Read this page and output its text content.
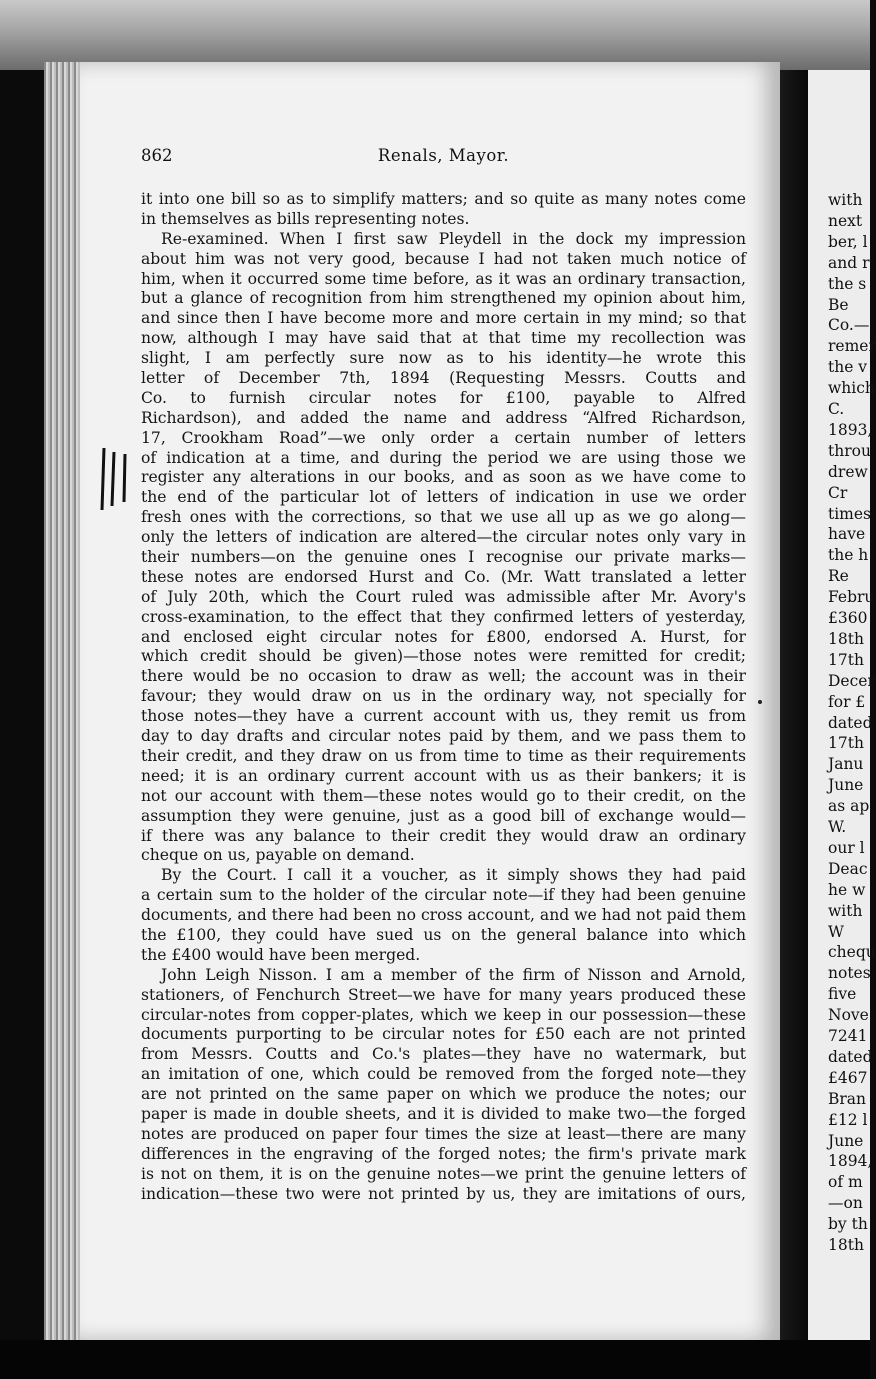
with
next
ber, l
and r
the s
Be
Co.—
remer
the v
which
C.
1893,
throu
drew
Cr
times
have
the h
Re
Febru
£360
18th
17th
Decer
for £
dated
17th
Janu
June
as ap
W.
our l
Deac
he w
with
W
chequ
notes
five
Nove
7241
dated
£467
Bran
£12 l
June
1894,
of m
—on
by th
18th
862	Renals, Mayor.
it into one bill so as to simplify matters; and so quite as many notes come
in themselves as bills representing notes.
Re-examined. When I first saw Pleydell in the dock my impression
about him was not very good, because I had not taken much notice of
him, when it occurred some time before, as it was an ordinary transaction,
but a glance of recognition from him strengthened my opinion about him,
and since then I have become more and more certain in my mind; so that
now, although I may have said that at that time my recollection was
slight, I am perfectly sure now as to his identity—he wrote this
letter of December 7th, 1894 (Requesting Messrs. Coutts and
Co. to furnish circular notes for £100, payable to Alfred
Richardson), and added the name and address “Alfred Richardson,
17, Crookham Road”—we only order a certain number of letters
of indication at a time, and during the period we are using those we
register any alterations in our books, and as soon as we have come to
the end of the particular lot of letters of indication in use we order
fresh ones with the corrections, so that we use all up as we go along—
only the letters of indication are altered—the circular notes only vary in
their numbers—on the genuine ones I recognise our private marks—
these notes are endorsed Hurst and Co. (Mr. Watt translated a letter
of July 20th, which the Court ruled was admissible after Mr. Avory's
cross-examination, to the effect that they confirmed letters of yesterday,
and enclosed eight circular notes for £800, endorsed A. Hurst, for
which credit should be given)—those notes were remitted for credit;
there would be no occasion to draw as well; the account was in their
favour; they would draw on us in the ordinary way, not specially for
those notes—they have a current account with us, they remit us from
day to day drafts and circular notes paid by them, and we pass them to
their credit, and they draw on us from time to time as their requirements
need; it is an ordinary current account with us as their bankers; it is
not our account with them—these notes would go to their credit, on the
assumption they were genuine, just as a good bill of exchange would—
if there was any balance to their credit they would draw an ordinary
cheque on us, payable on demand.
By the Court. I call it a voucher, as it simply shows they had paid
a certain sum to the holder of the circular note—if they had been genuine
documents, and there had been no cross account, and we had not paid them
the £100, they could have sued us on the general balance into which
the £400 would have been merged.
John Leigh Nisson. I am a member of the firm of Nisson and Arnold,
stationers, of Fenchurch Street—we have for many years produced these
circular-notes from copper-plates, which we keep in our possession—these
documents purporting to be circular notes for £50 each are not printed
from Messrs. Coutts and Co.'s plates—they have no watermark, but
an imitation of one, which could be removed from the forged note—they
are not printed on the same paper on which we produce the notes; our
paper is made in double sheets, and it is divided to make two—the forged
notes are produced on paper four times the size at least—there are many
differences in the engraving of the forged notes; the firm's private mark
is not on them, it is on the genuine notes—we print the genuine letters of
indication—these two were not printed by us, they are imitations of ours,
